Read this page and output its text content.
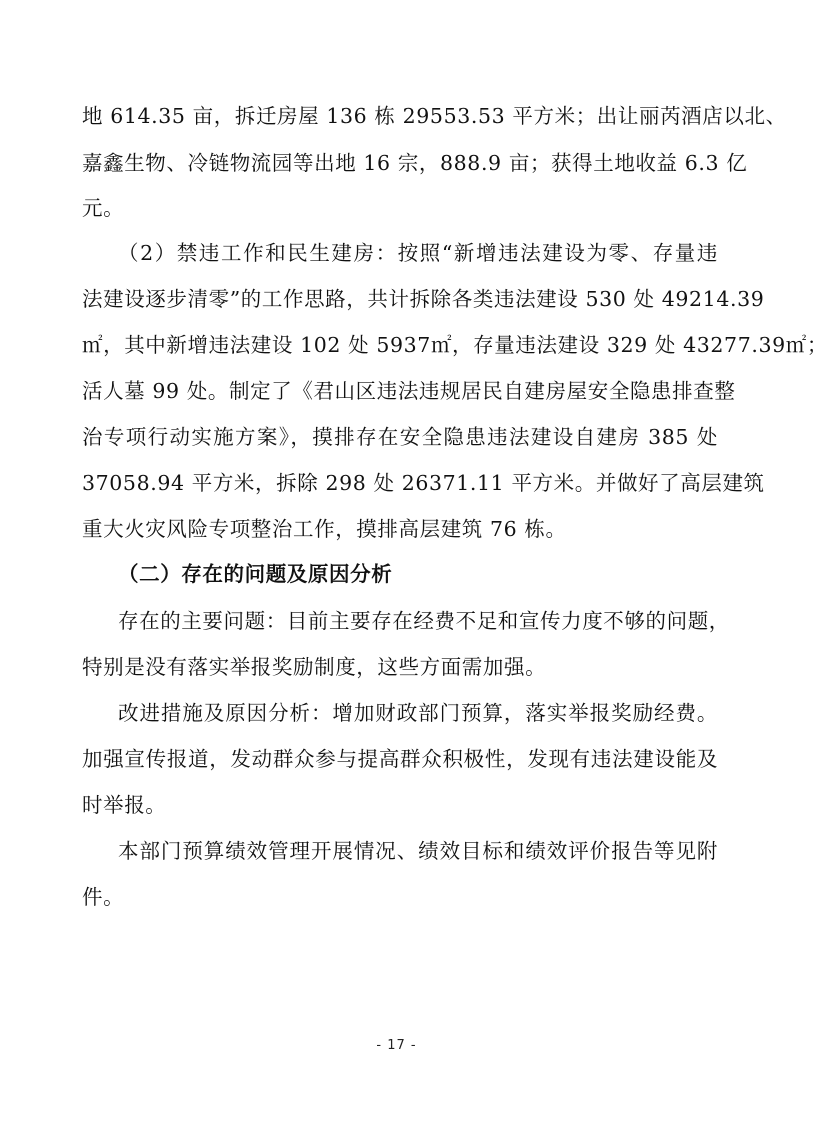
地 614.35 亩，拆迁房屋 136 栋 29553.53 平方米；出让丽芮酒店以北、
嘉鑫生物、冷链物流园等出地 16 宗，888.9 亩；获得土地收益 6.3 亿
元。
（2）禁违工作和民生建房：按照“新增违法建设为零、存量违
法建设逐步清零”的工作思路，共计拆除各类违法建设 530 处 49214.39
㎡，其中新增违法建设 102 处 5937㎡，存量违法建设 329 处 43277.39㎡；
活人墓 99 处。制定了《君山区违法违规居民自建房屋安全隐患排查整
治专项行动实施方案》，摸排存在安全隐患违法建设自建房 385 处
37058.94 平方米，拆除 298 处 26371.11 平方米。并做好了高层建筑
重大火灾风险专项整治工作，摸排高层建筑 76 栋。
（二）存在的问题及原因分析
存在的主要问题：目前主要存在经费不足和宣传力度不够的问题，
特别是没有落实举报奖励制度，这些方面需加强。
改进措施及原因分析：增加财政部门预算，落实举报奖励经费。
加强宣传报道，发动群众参与提高群众积极性，发现有违法建设能及
时举报。
本部门预算绩效管理开展情况、绩效目标和绩效评价报告等见附
件。
- 17 -
